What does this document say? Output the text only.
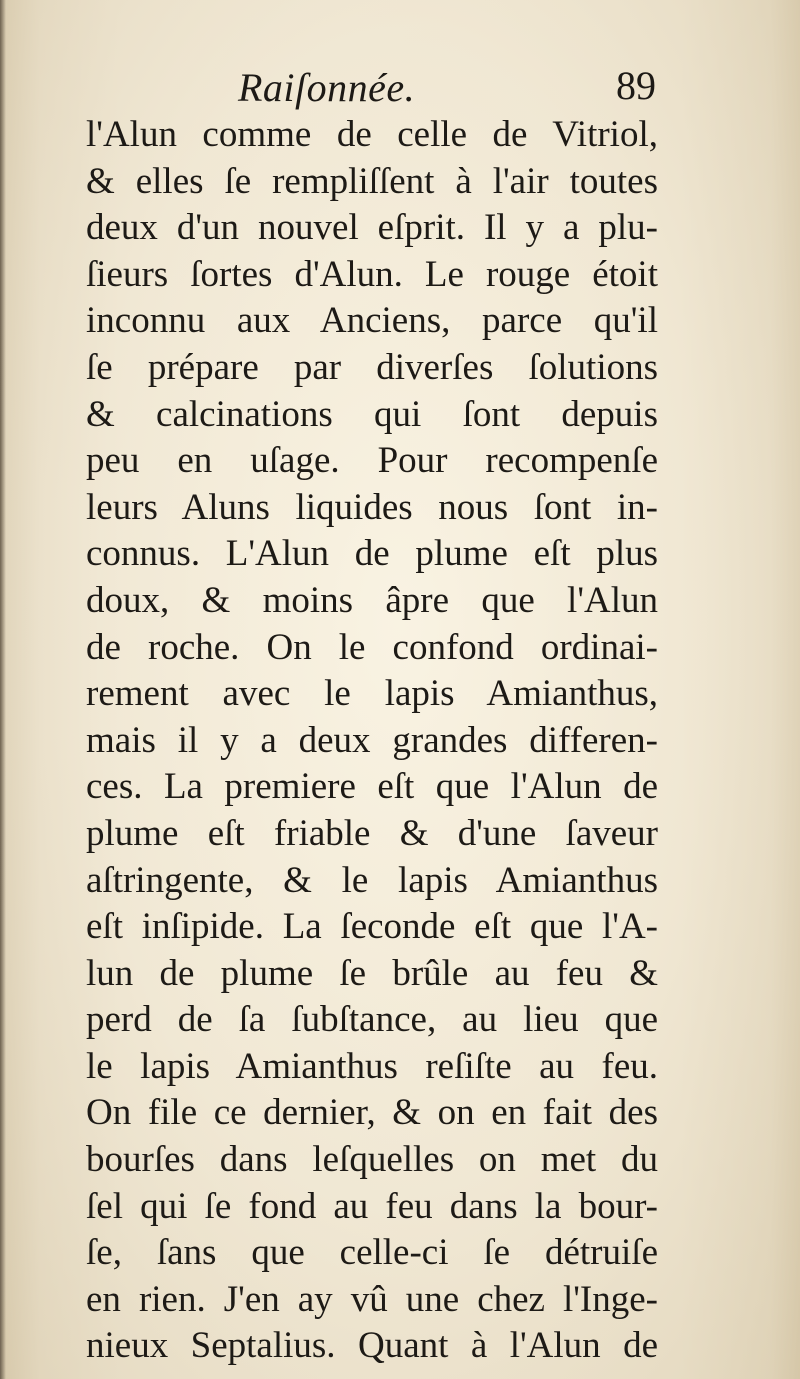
Raiſonnée.	89
l'Alun comme de celle de Vitriol,
& elles ſe rempliſſent à l'air toutes
deux d'un nouvel eſprit. Il y a plu-
ſieurs ſortes d'Alun. Le rouge étoit
inconnu aux Anciens, parce qu'il
ſe prépare par diverſes ſolutions
& calcinations qui ſont depuis
peu en uſage. Pour recompenſe
leurs Aluns liquides nous ſont in-
connus. L'Alun de plume eſt plus
doux, & moins âpre que l'Alun
de roche. On le confond ordinai-
rement avec le lapis Amianthus,
mais il y a deux grandes differen-
ces. La premiere eſt que l'Alun de
plume eſt friable & d'une ſaveur
aſtringente, & le lapis Amianthus
eſt inſipide. La ſeconde eſt que l'A-
lun de plume ſe brûle au feu &
perd de ſa ſubſtance, au lieu que
le lapis Amianthus reſiſte au feu.
On file ce dernier, & on en fait des
bourſes dans leſquelles on met du
ſel qui ſe fond au feu dans la bour-
ſe, ſans que celle-ci ſe détruiſe
en rien. J'en ay vû une chez l'Inge-
nieux Septalius. Quant à l'Alun de
